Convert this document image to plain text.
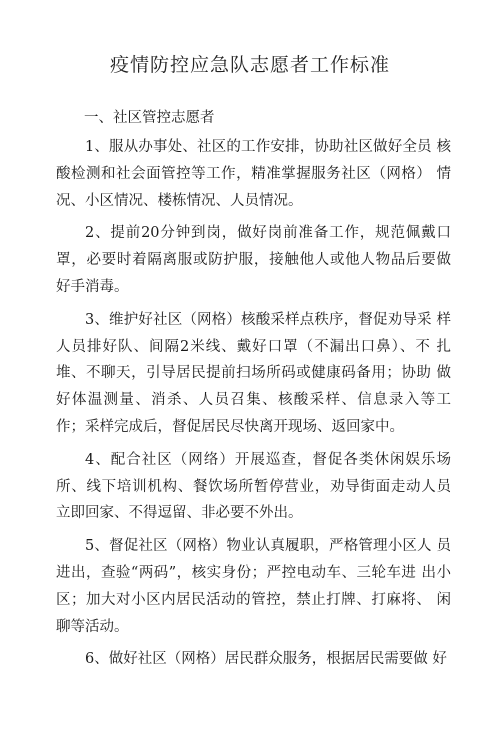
疫情防控应急队志愿者工作标准
一、社区管控志愿者

1、服从办事处、社区的工作安排，协助社区做好全员 核酸检测和社会面管控等工作，精准掌握服务社区（网格） 情况、小区情况、楼栋情况、人员情况。

2、提前20分钟到岗，做好岗前准备工作，规范佩戴口 罩，必要时着隔离服或防护服，接触他人或他人物品后要做 好手消毒。

3、维护好社区（网格）核酸采样点秩序，督促劝导采 样人员排好队、间隔2米线、戴好口罩（不漏出口鼻）、不 扎堆、不聊天，引导居民提前扫场所码或健康码备用；协助 做好体温测量、消杀、人员召集、核酸采样、信息录入等工 作；采样完成后，督促居民尽快离开现场、返回家中。

4、配合社区（网络）开展巡查，督促各类休闲娱乐场 所、线下培训机构、餐饮场所暂停营业，劝导街面走动人员 立即回家、不得逗留、非必要不外出。

5、督促社区（网格）物业认真履职，严格管理小区人 员进出，查验“两码”，核实身份；严控电动车、三轮车进 出小区；加大对小区内居民活动的管控，禁止打牌、打麻将、 闲聊等活动。

6、做好社区（网格）居民群众服务，根据居民需要做 好
